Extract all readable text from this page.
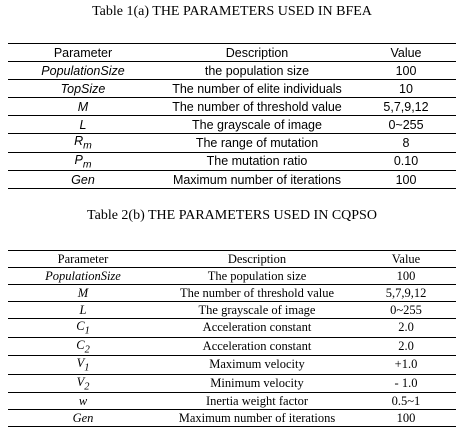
Table 1(a) THE PARAMETERS USED IN BFEA
Parameter	Description	Value
PopulationSize	the population size	100
TopSize	The number of elite individuals	10
M	The number of threshold value	5,7,9,12
L	The grayscale of image	0~255
$R_m$	The range of mutation	8
$P_m$	The mutation ratio	0.10
Gen	Maximum number of iterations	100
Table 2(b) THE PARAMETERS USED IN CQPSO
Parameter	Description	Value
PopulationSize	The population size	100
M	The number of threshold value	5,7,9,12
L	The grayscale of image	0~255
$C_1$	Acceleration constant	2.0
$C_2$	Acceleration constant	2.0
$V_1$	Maximum velocity	+1.0
$V_2$	Minimum velocity	- 1.0
w	Inertia weight factor	0.5~1
Gen	Maximum number of iterations	100
